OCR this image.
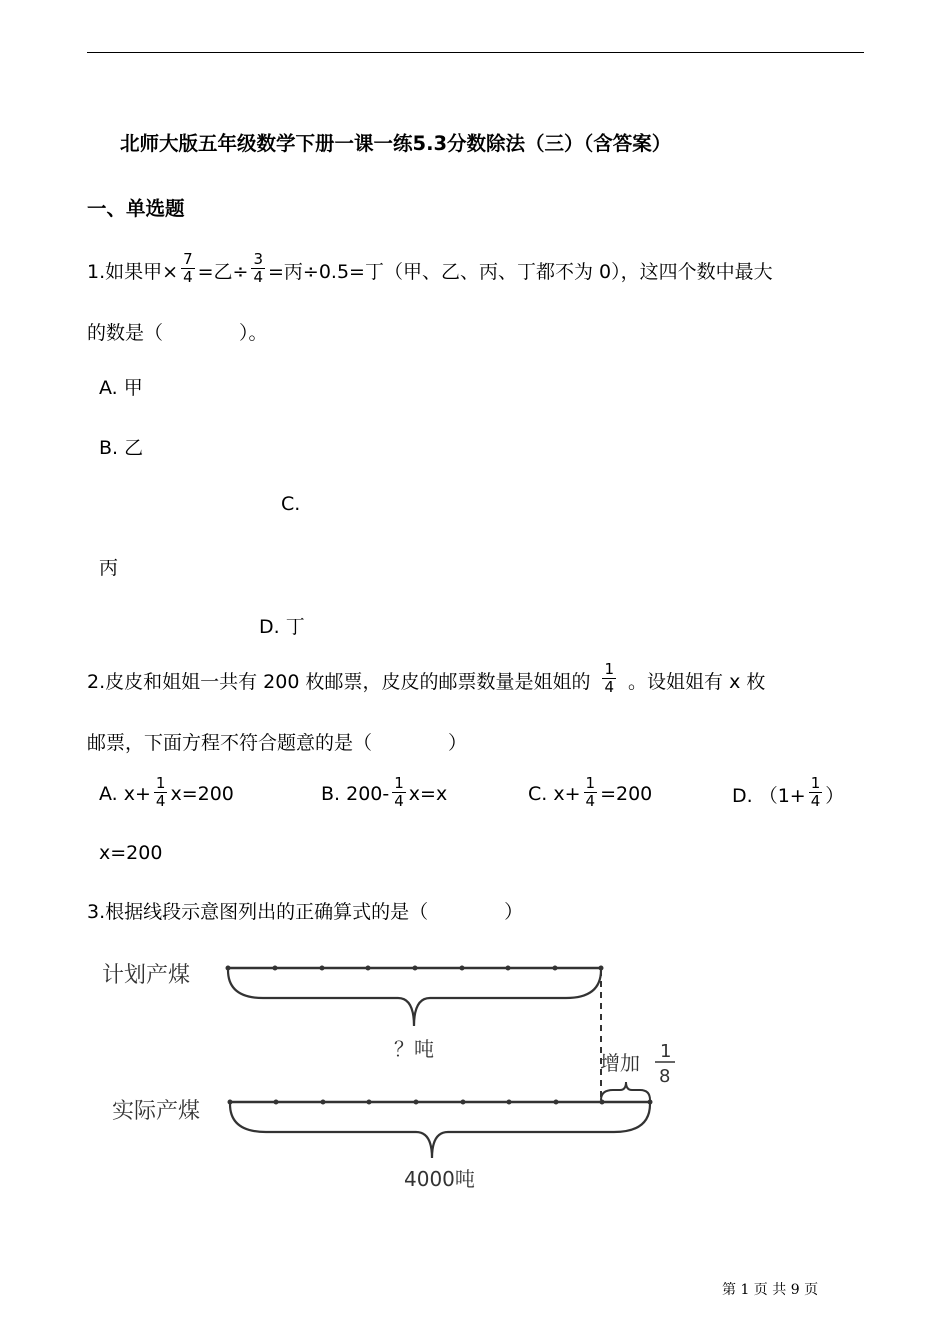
北师大版五年级数学下册一课一练5.3分数除法（三）（含答案）
一、单选题
1.如果甲× $\frac{7}{4}$ =乙÷ $\frac{3}{4}$ =丙÷0.5=丁（甲、乙、丙、丁都不为 0），这四个数中最大
的数是（　　　　）。
A. 甲
B. 乙
C.
丙
D. 丁
2.皮皮和姐姐一共有 200 枚邮票，皮皮的邮票数量是姐姐的 $\frac{1}{4}$ 。设姐姐有 x 枚
邮票，下面方程不符合题意的是（　　　　）
A. $x+ \frac{1}{4} x=200$	B. $200- \frac{1}{4} x=x$	C. $x+ \frac{1}{4} =200$	D. （$1+ \frac{1}{4}$ ）
x=200
3.根据线段示意图列出的正确算式的是（　　　　）
计划产煤
？吨
增加 1
8
实际产煤
4000吨
第 1 页 共 9 页
